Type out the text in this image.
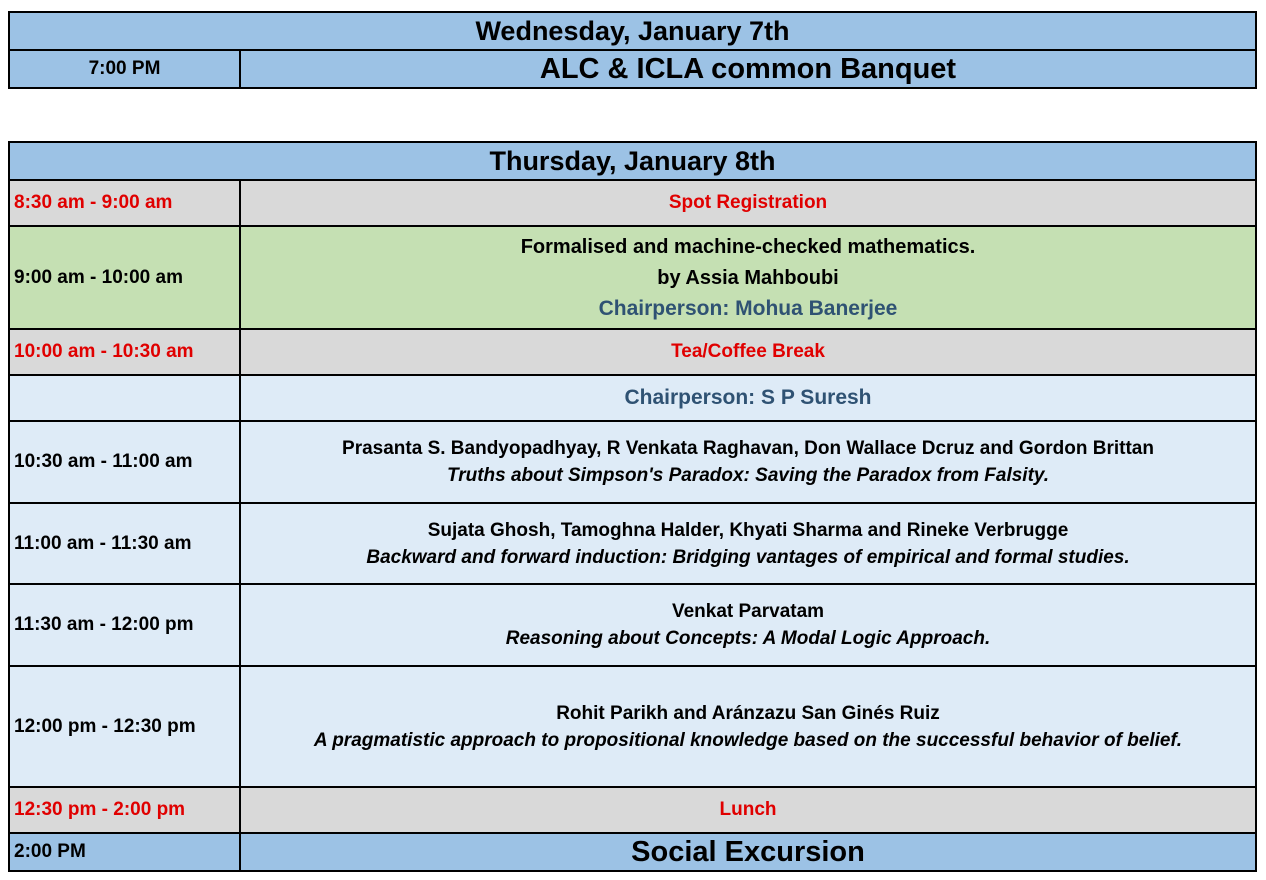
Wednesday, January 7th
7:00 PM	ALC & ICLA common Banquet
Thursday, January 8th	
8:30 am - 9:00 am	Spot Registration
9:00 am - 10:00 am	Formalised and machine-checked mathematics.
by Assia Mahboubi
Chairperson: Mohua Banerjee

10:00 am - 10:30 am	Tea/Coffee Break
	Chairperson: S P Suresh
10:30 am - 11:00 am	Prasanta S. Bandyopadhyay, R Venkata Raghavan, Don Wallace Dcruz and Gordon Brittan
Truths about Simpson's Paradox: Saving the Paradox from Falsity.

11:00 am - 11:30 am	Sujata Ghosh, Tamoghna Halder, Khyati Sharma and Rineke Verbrugge
Backward and forward induction: Bridging vantages of empirical and formal studies.

11:30 am - 12:00 pm	Venkat Parvatam
Reasoning about Concepts: A Modal Logic Approach.

12:00 pm - 12:30 pm	Rohit Parikh and Aránzazu San Ginés Ruiz
A pragmatistic approach to propositional knowledge based on the successful behavior of belief.

12:30 pm - 2:00 pm	Lunch
2:00 PM	Social Excursion
